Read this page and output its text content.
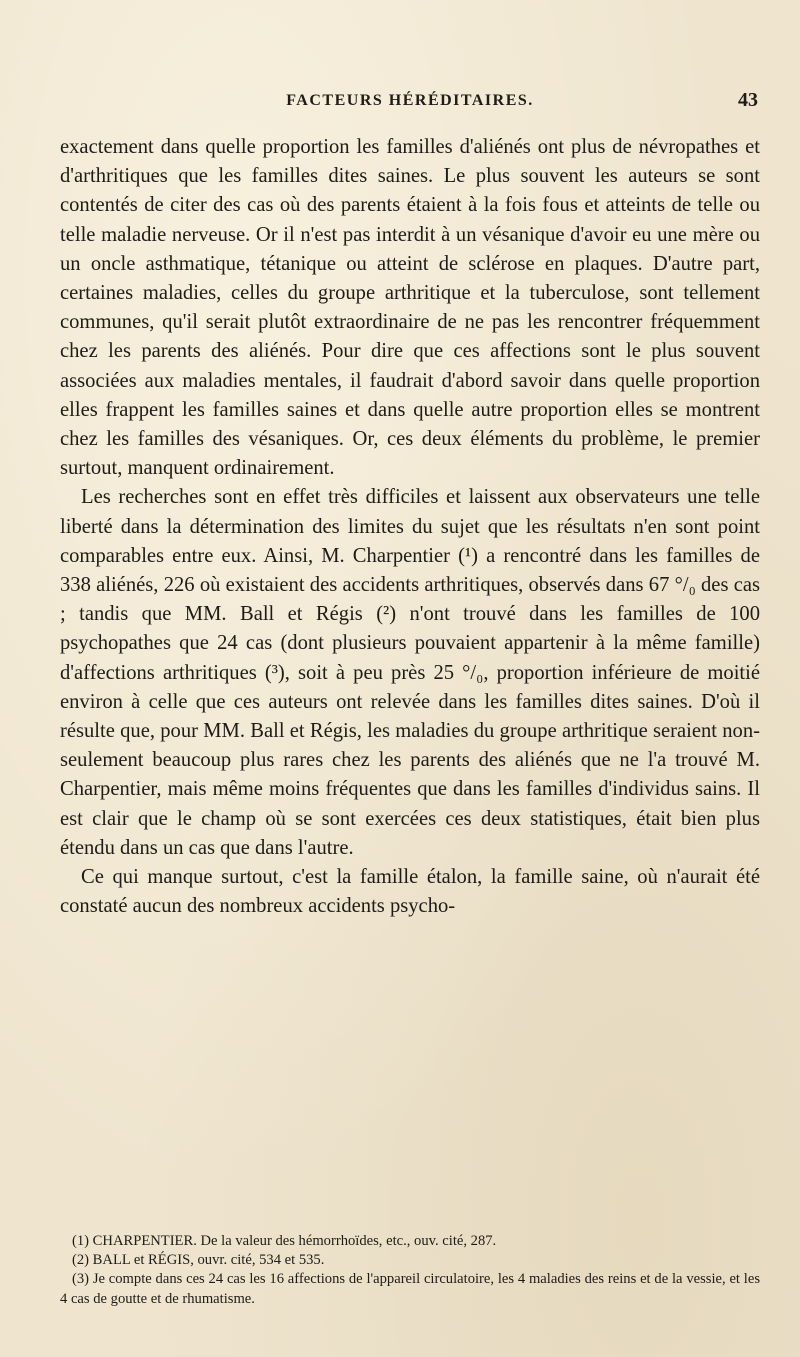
FACTEURS HÉRÉDITAIRES.	43

exactement dans quelle proportion les familles d'aliénés ont plus de névropathes et d'arthritiques que les familles dites saines. Le plus souvent les auteurs se sont contentés de citer des cas où des parents étaient à la fois fous et atteints de telle ou telle maladie nerveuse. Or il n'est pas interdit à un vésanique d'avoir eu une mère ou un oncle asthmatique, tétanique ou atteint de sclérose en plaques. D'autre part, certaines maladies, celles du groupe arthritique et la tuberculose, sont tellement communes, qu'il serait plutôt extraordinaire de ne pas les rencontrer fréquemment chez les parents des aliénés. Pour dire que ces affections sont le plus souvent associées aux maladies mentales, il faudrait d'abord savoir dans quelle proportion elles frappent les familles saines et dans quelle autre proportion elles se montrent chez les familles des vésaniques. Or, ces deux éléments du problème, le premier surtout, manquent ordinairement.

Les recherches sont en effet très difficiles et laissent aux observateurs une telle liberté dans la détermination des limites du sujet que les résultats n'en sont point comparables entre eux. Ainsi, M. Charpentier (¹) a rencontré dans les familles de 338 aliénés, 226 où existaient des accidents arthritiques, observés dans 67 °/₀ des cas ; tandis que MM. Ball et Régis (²) n'ont trouvé dans les familles de 100 psychopathes que 24 cas (dont plusieurs pouvaient appartenir à la même famille) d'affections arthritiques (³), soit à peu près 25 °/₀, proportion inférieure de moitié environ à celle que ces auteurs ont relevée dans les familles dites saines. D'où il résulte que, pour MM. Ball et Régis, les maladies du groupe arthritique seraient non-seulement beaucoup plus rares chez les parents des aliénés que ne l'a trouvé M. Charpentier, mais même moins fréquentes que dans les familles d'individus sains. Il est clair que le champ où se sont exercées ces deux statistiques, était bien plus étendu dans un cas que dans l'autre.

Ce qui manque surtout, c'est la famille étalon, la famille saine, où n'aurait été constaté aucun des nombreux accidents psycho-

(1) CHARPENTIER. De la valeur des hémorrhoïdes, etc., ouv. cité, 287.

(2) BALL et RÉGIS, ouvr. cité, 534 et 535.

(3) Je compte dans ces 24 cas les 16 affections de l'appareil circulatoire, les 4 maladies des reins et de la vessie, et les 4 cas de goutte et de rhumatisme.
